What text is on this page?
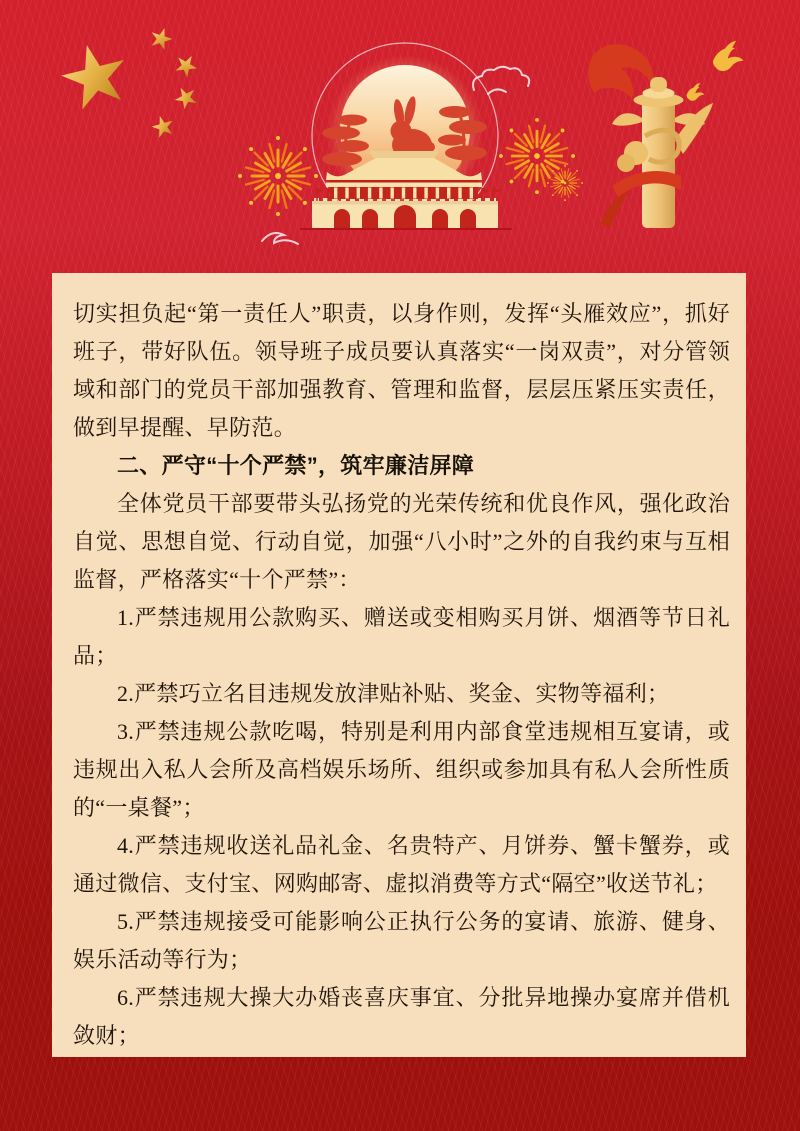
切实担负起“第一责任人”职责，以身作则，发挥“头雁效应”，抓好班子，带好队伍。领导班子成员要认真落实“一岗双责”，对分管领域和部门的党员干部加强教育、管理和监督，层层压紧压实责任，做到早提醒、早防范。

二、严守“十个严禁”，筑牢廉洁屏障

全体党员干部要带头弘扬党的光荣传统和优良作风，强化政治自觉、思想自觉、行动自觉，加强“八小时”之外的自我约束与互相监督，严格落实“十个严禁”：

1.严禁违规用公款购买、赠送或变相购买月饼、烟酒等节日礼品；

2.严禁巧立名目违规发放津贴补贴、奖金、实物等福利；

3.严禁违规公款吃喝，特别是利用内部食堂违规相互宴请，或违规出入私人会所及高档娱乐场所、组织或参加具有私人会所性质的“一桌餐”；

4.严禁违规收送礼品礼金、名贵特产、月饼券、蟹卡蟹券，或通过微信、支付宝、网购邮寄、虚拟消费等方式“隔空”收送节礼；

5.严禁违规接受可能影响公正执行公务的宴请、旅游、健身、娱乐活动等行为；

6.严禁违规大操大办婚丧喜庆事宜、分批异地操办宴席并借机敛财；
